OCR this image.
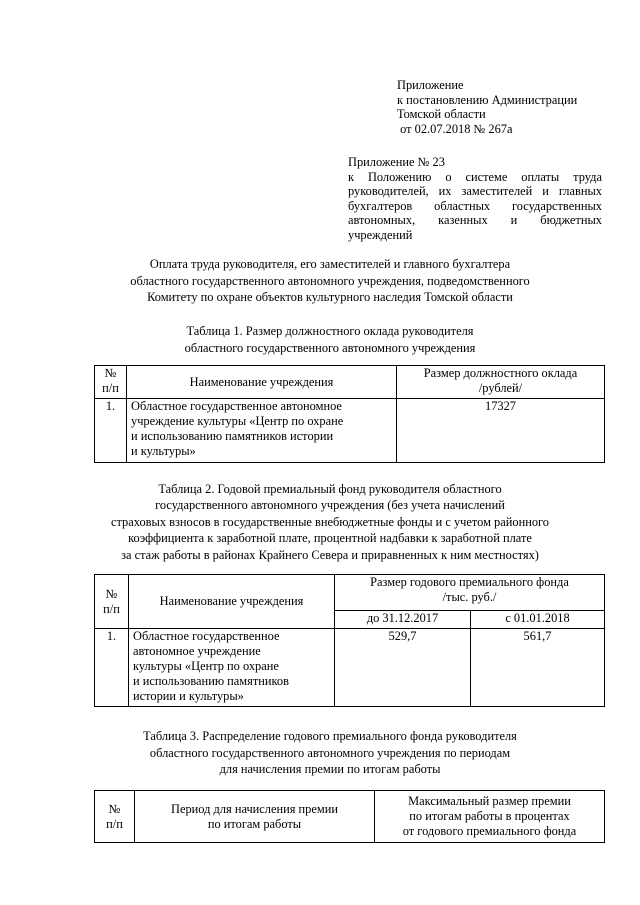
Приложение
к постановлению Администрации
Томской области
от 02.07.2018 № 267а
Приложение № 23
к Положению о системе оплаты труда
руководителей, их заместителей и главных
бухгалтеров областных государственных
автономных, казенных и бюджетных
учреждений
Оплата труда руководителя, его заместителей и главного бухгалтера
областного государственного автономного учреждения, подведомственного
Комитету по охране объектов культурного наследия Томской области
Таблица 1. Размер должностного оклада руководителя
областного государственного автономного учреждения
№
п/п	Наименование учреждения	Размер должностного оклада
/рублей/
1.	Областное государственное автономное
учреждение культуры «Центр по охране
и использованию памятников истории
и культуры»	17327
Таблица 2. Годовой премиальный фонд руководителя областного
государственного автономного учреждения (без учета начислений
страховых взносов в государственные внебюджетные фонды и с учетом районного
коэффициента к заработной плате, процентной надбавки к заработной плате
за стаж работы в районах Крайнего Севера и приравненных к ним местностях)
№
п/п	Наименование учреждения	Размер годового премиального фонда
/тыс. руб./	
		до 31.12.2017	с 01.01.2018
1.	Областное государственное
автономное учреждение
культуры «Центр по охране
и использованию памятников
истории и культуры»	529,7	561,7
Таблица 3. Распределение годового премиального фонда руководителя
областного государственного автономного учреждения по периодам
для начисления премии по итогам работы
№
п/п	Период для начисления премии
по итогам работы	Максимальный размер премии
по итогам работы в процентах
от годового премиального фонда
